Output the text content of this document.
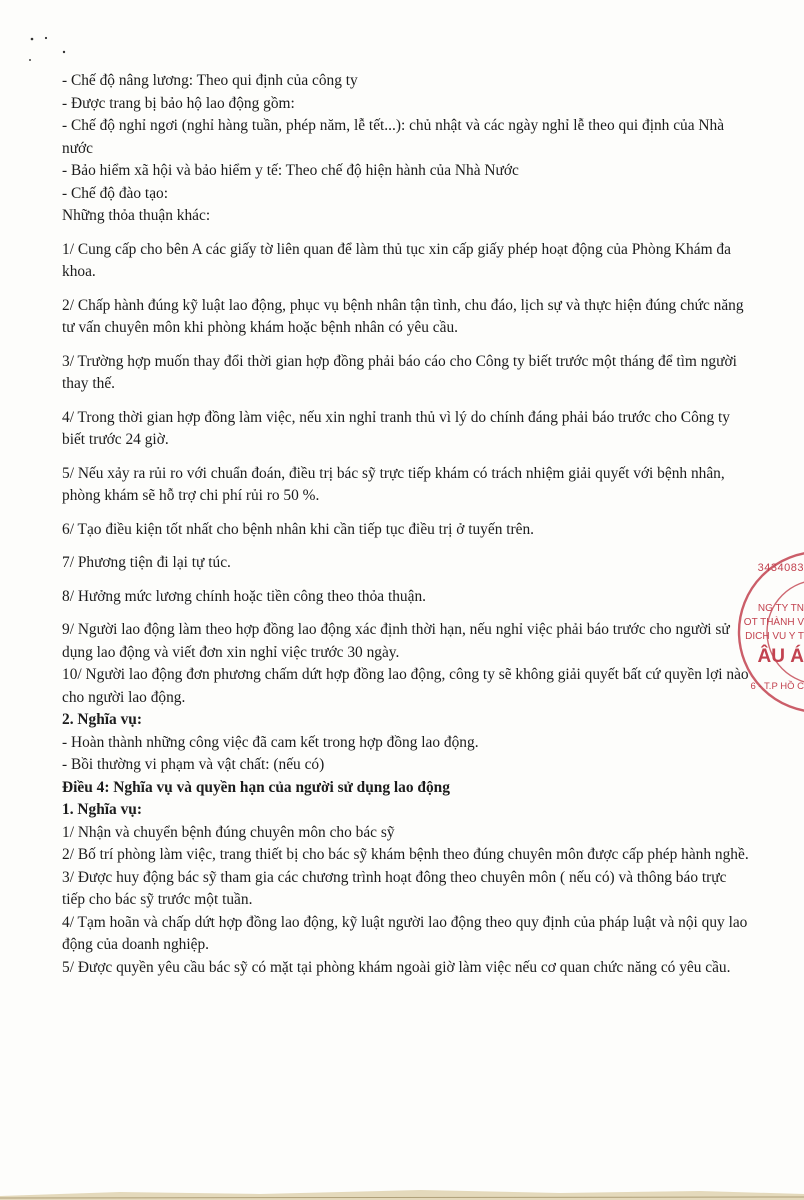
- Chế độ nâng lương: Theo qui định của công ty

- Được trang bị bảo hộ lao động gồm:

- Chế độ nghỉ ngơi (nghỉ hàng tuần, phép năm, lễ tết...): chủ nhật và các ngày nghỉ lễ theo qui định của Nhà nước

- Bảo hiểm xã hội và bảo hiểm y tế: Theo chế độ hiện hành của Nhà Nước

- Chế độ đào tạo:

Những thỏa thuận khác:

1/ Cung cấp cho bên A các giấy tờ liên quan để làm thủ tục xin cấp giấy phép hoạt động của Phòng Khám đa khoa.

2/ Chấp hành đúng kỹ luật lao động, phục vụ bệnh nhân tận tình, chu đáo, lịch sự và thực hiện đúng chức năng tư vấn chuyên môn khi phòng khám hoặc bệnh nhân có yêu cầu.

3/ Trường hợp muốn thay đổi thời gian hợp đồng phải báo cáo cho Công ty biết trước một tháng để tìm người thay thế.

4/ Trong thời gian hợp đồng làm việc, nếu xin nghỉ tranh thủ vì lý do chính đáng phải báo trước cho Công ty biết trước 24 giờ.

5/ Nếu xảy ra rủi ro với chuẩn đoán, điều trị bác sỹ trực tiếp khám có trách nhiệm giải quyết với bệnh nhân, phòng khám sẽ hỗ trợ chi phí rủi ro 50 %.

6/ Tạo điều kiện tốt nhất cho bệnh nhân khi cần tiếp tục điều trị ở tuyến trên.

7/ Phương tiện đi lại tự túc.

8/ Hưởng mức lương chính hoặc tiền công theo thỏa thuận.

9/ Người lao động làm theo hợp đồng lao động xác định thời hạn, nếu nghỉ việc phải báo trước cho người sử dụng lao động và viết đơn xin nghỉ việc trước 30 ngày.

10/ Người lao động đơn phương chấm dứt hợp đồng lao động, công ty sẽ không giải quyết bất cứ quyền lợi nào cho người lao động.

2. Nghĩa vụ:

- Hoàn thành những công việc đã cam kết trong hợp đồng lao động.

- Bồi thường vi phạm và vật chất: (nếu có)

Điều 4: Nghĩa vụ và quyền hạn của người sử dụng lao động

1. Nghĩa vụ:

1/ Nhận và chuyển bệnh đúng chuyên môn cho bác sỹ

2/ Bố trí phòng làm việc, trang thiết bị cho bác sỹ khám bệnh theo đúng chuyên môn được cấp phép hành nghề.

3/ Được huy động bác sỹ tham gia các chương trình hoạt đông theo chuyên môn ( nếu có) và thông báo trực tiếp cho bác sỹ trước một tuần.

4/ Tạm hoãn và chấp dứt hợp đồng lao động, kỹ luật người lao động theo quy định của pháp luật và nội quy lao động của doanh nghiệp.

5/ Được quyền yêu cầu bác sỹ có mặt tại phòng khám ngoài giờ làm việc nếu cơ quan chức năng có yêu cầu.

3434083
NG TY TN
OT THÀNH V
DICH VU Y T
ÂU Á
6 - T.P HỒ C
